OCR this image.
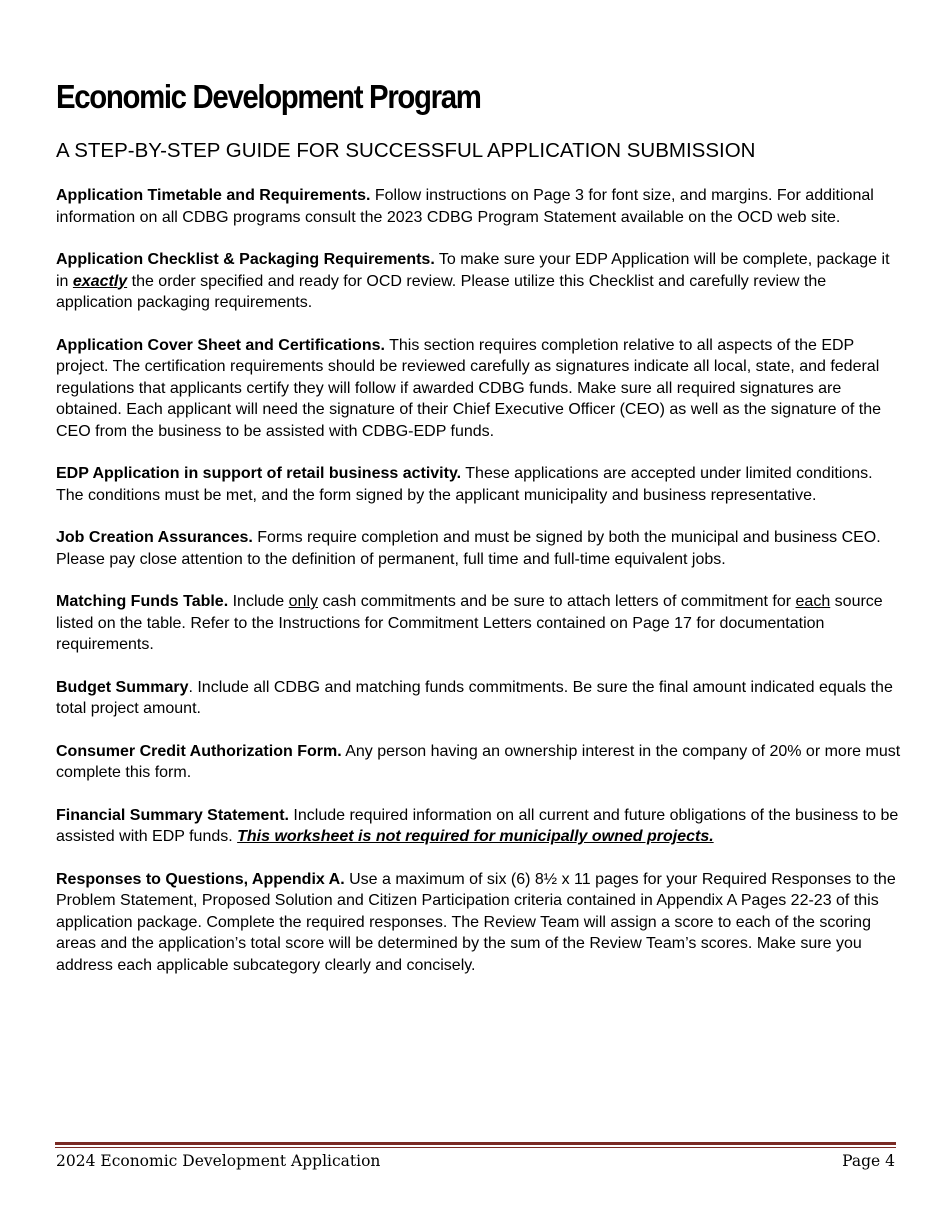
Economic Development Program
A STEP-BY-STEP GUIDE FOR SUCCESSFUL APPLICATION SUBMISSION

Application Timetable and Requirements. Follow instructions on Page 3 for font size, and margins. For additional information on all CDBG programs consult the 2023 CDBG Program Statement available on the OCD web site.

Application Checklist & Packaging Requirements. To make sure your EDP Application will be complete, package it in exactly the order specified and ready for OCD review. Please utilize this Checklist and carefully review the application packaging requirements.

Application Cover Sheet and Certifications. This section requires completion relative to all aspects of the EDP project. The certification requirements should be reviewed carefully as signatures indicate all local, state, and federal regulations that applicants certify they will follow if awarded CDBG funds. Make sure all required signatures are obtained. Each applicant will need the signature of their Chief Executive Officer (CEO) as well as the signature of the CEO from the business to be assisted with CDBG-EDP funds.

EDP Application in support of retail business activity. These applications are accepted under limited conditions. The conditions must be met, and the form signed by the applicant municipality and business representative.

Job Creation Assurances. Forms require completion and must be signed by both the municipal and business CEO. Please pay close attention to the definition of permanent, full time and full-time equivalent jobs.

Matching Funds Table. Include only cash commitments and be sure to attach letters of commitment for each source listed on the table. Refer to the Instructions for Commitment Letters contained on Page 17 for documentation requirements.

Budget Summary. Include all CDBG and matching funds commitments. Be sure the final amount indicated equals the total project amount.

Consumer Credit Authorization Form. Any person having an ownership interest in the company of 20% or more must complete this form.

Financial Summary Statement. Include required information on all current and future obligations of the business to be assisted with EDP funds. This worksheet is not required for municipally owned projects.

Responses to Questions, Appendix A. Use a maximum of six (6) 8½ x 11 pages for your Required Responses to the Problem Statement, Proposed Solution and Citizen Participation criteria contained in Appendix A Pages 22-23 of this application package. Complete the required responses. The Review Team will assign a score to each of the scoring areas and the application’s total score will be determined by the sum of the Review Team’s scores. Make sure you address each applicable subcategory clearly and concisely.

2024 Economic Development Application	Page 4
